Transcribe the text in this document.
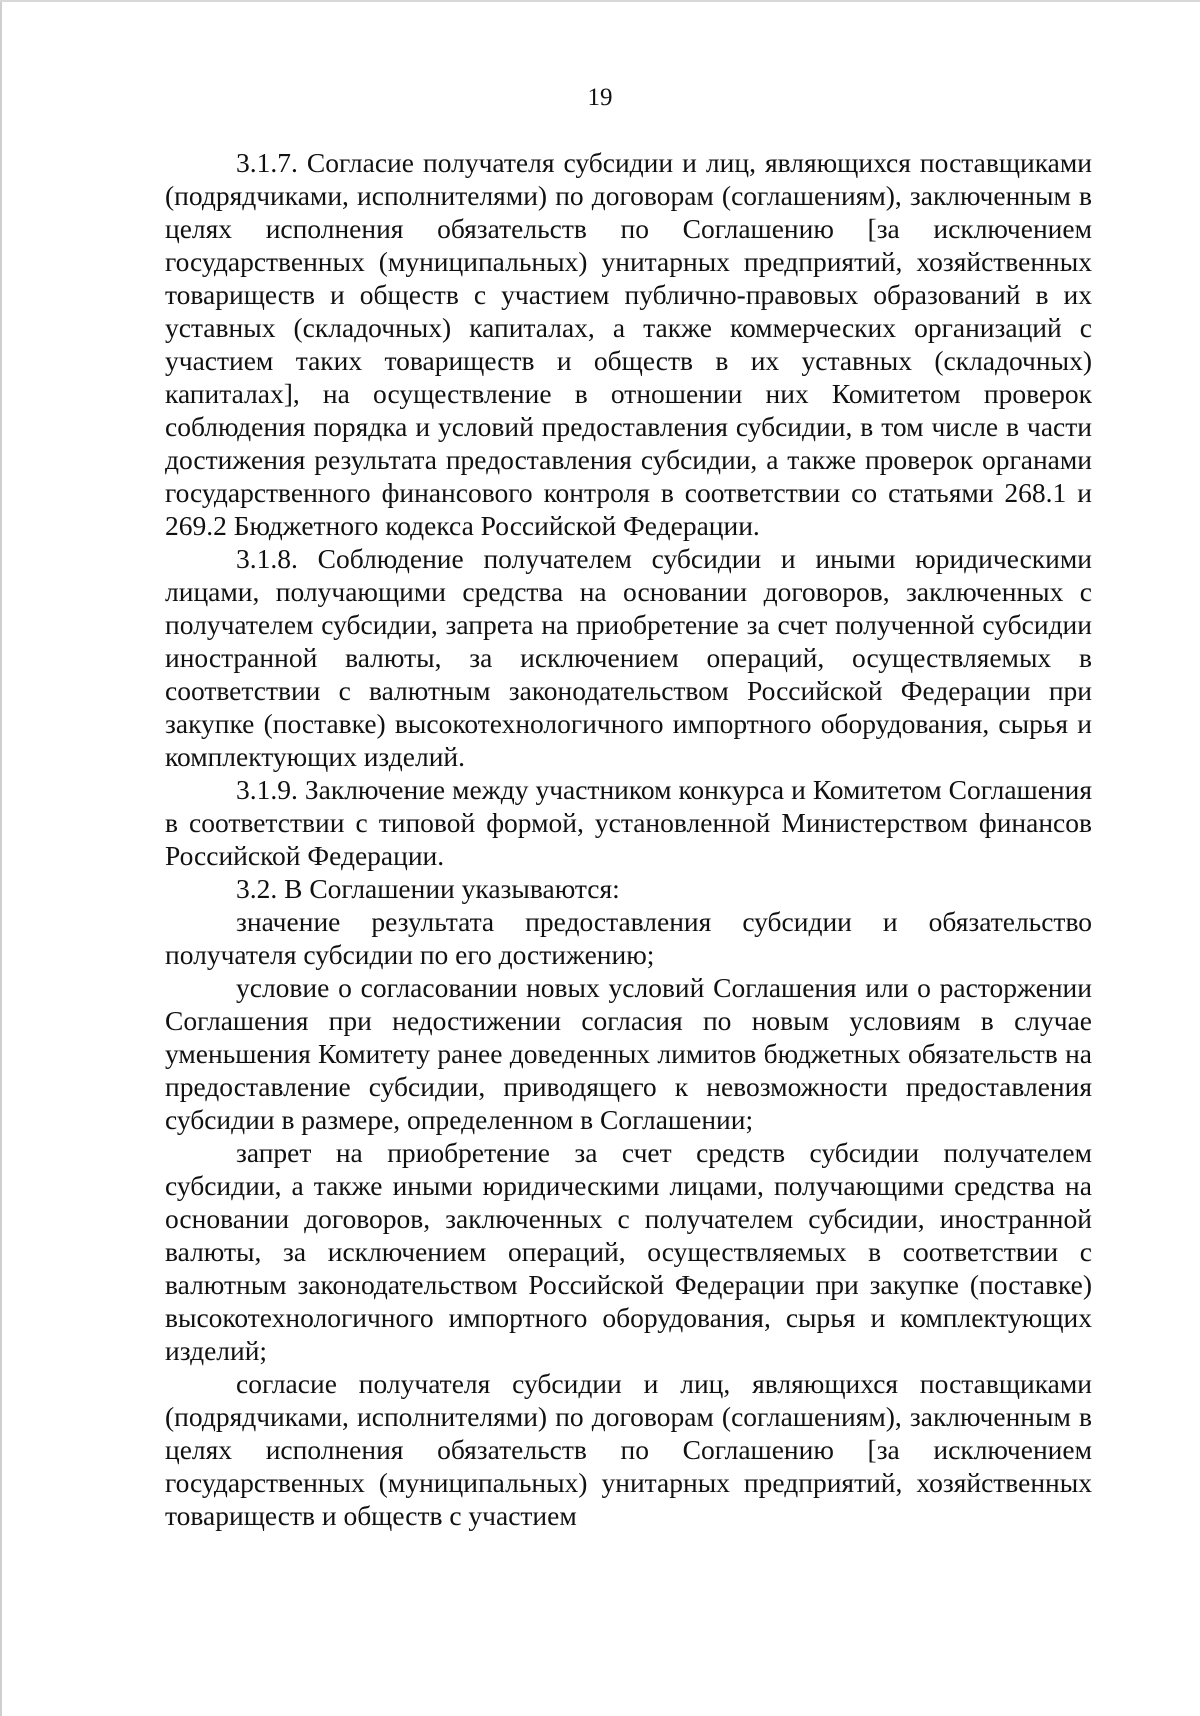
19

3.1.7. Согласие получателя субсидии и лиц, являющихся поставщиками (подрядчиками, исполнителями) по договорам (соглашениям), заключенным в целях исполнения обязательств по Соглашению [за исключением государственных (муниципальных) унитарных предприятий, хозяйственных товариществ и обществ с участием публично-правовых образований в их уставных (складочных) капиталах, а также коммерческих организаций с участием таких товариществ и обществ в их уставных (складочных) капиталах], на осуществление в отношении них Комитетом проверок соблюдения порядка и условий предоставления субсидии, в том числе в части достижения результата предоставления субсидии, а также проверок органами государственного финансового контроля в соответствии со статьями 268.1 и 269.2 Бюджетного кодекса Российской Федерации.

3.1.8. Соблюдение получателем субсидии и иными юридическими лицами, получающими средства на основании договоров, заключенных с получателем субсидии, запрета на приобретение за счет полученной субсидии иностранной валюты, за исключением операций, осуществляемых в соответствии с валютным законодательством Российской Федерации при закупке (поставке) высокотехнологичного импортного оборудования, сырья и комплектующих изделий.

3.1.9. Заключение между участником конкурса и Комитетом Соглашения в соответствии с типовой формой, установленной Министерством финансов Российской Федерации.

3.2. В Соглашении указываются:

значение результата предоставления субсидии и обязательство получателя субсидии по его достижению;

условие о согласовании новых условий Соглашения или о расторжении Соглашения при недостижении согласия по новым условиям в случае уменьшения Комитету ранее доведенных лимитов бюджетных обязательств на предоставление субсидии, приводящего к невозможности предоставления субсидии в размере, определенном в Соглашении;

запрет на приобретение за счет средств субсидии получателем субсидии, а также иными юридическими лицами, получающими средства на основании договоров, заключенных с получателем субсидии, иностранной валюты, за исключением операций, осуществляемых в соответствии с валютным законодательством Российской Федерации при закупке (поставке) высокотехнологичного импортного оборудования, сырья и комплектующих изделий;

согласие получателя субсидии и лиц, являющихся поставщиками (подрядчиками, исполнителями) по договорам (соглашениям), заключенным в целях исполнения обязательств по Соглашению [за исключением государственных (муниципальных) унитарных предприятий, хозяйственных товариществ и обществ с участием
